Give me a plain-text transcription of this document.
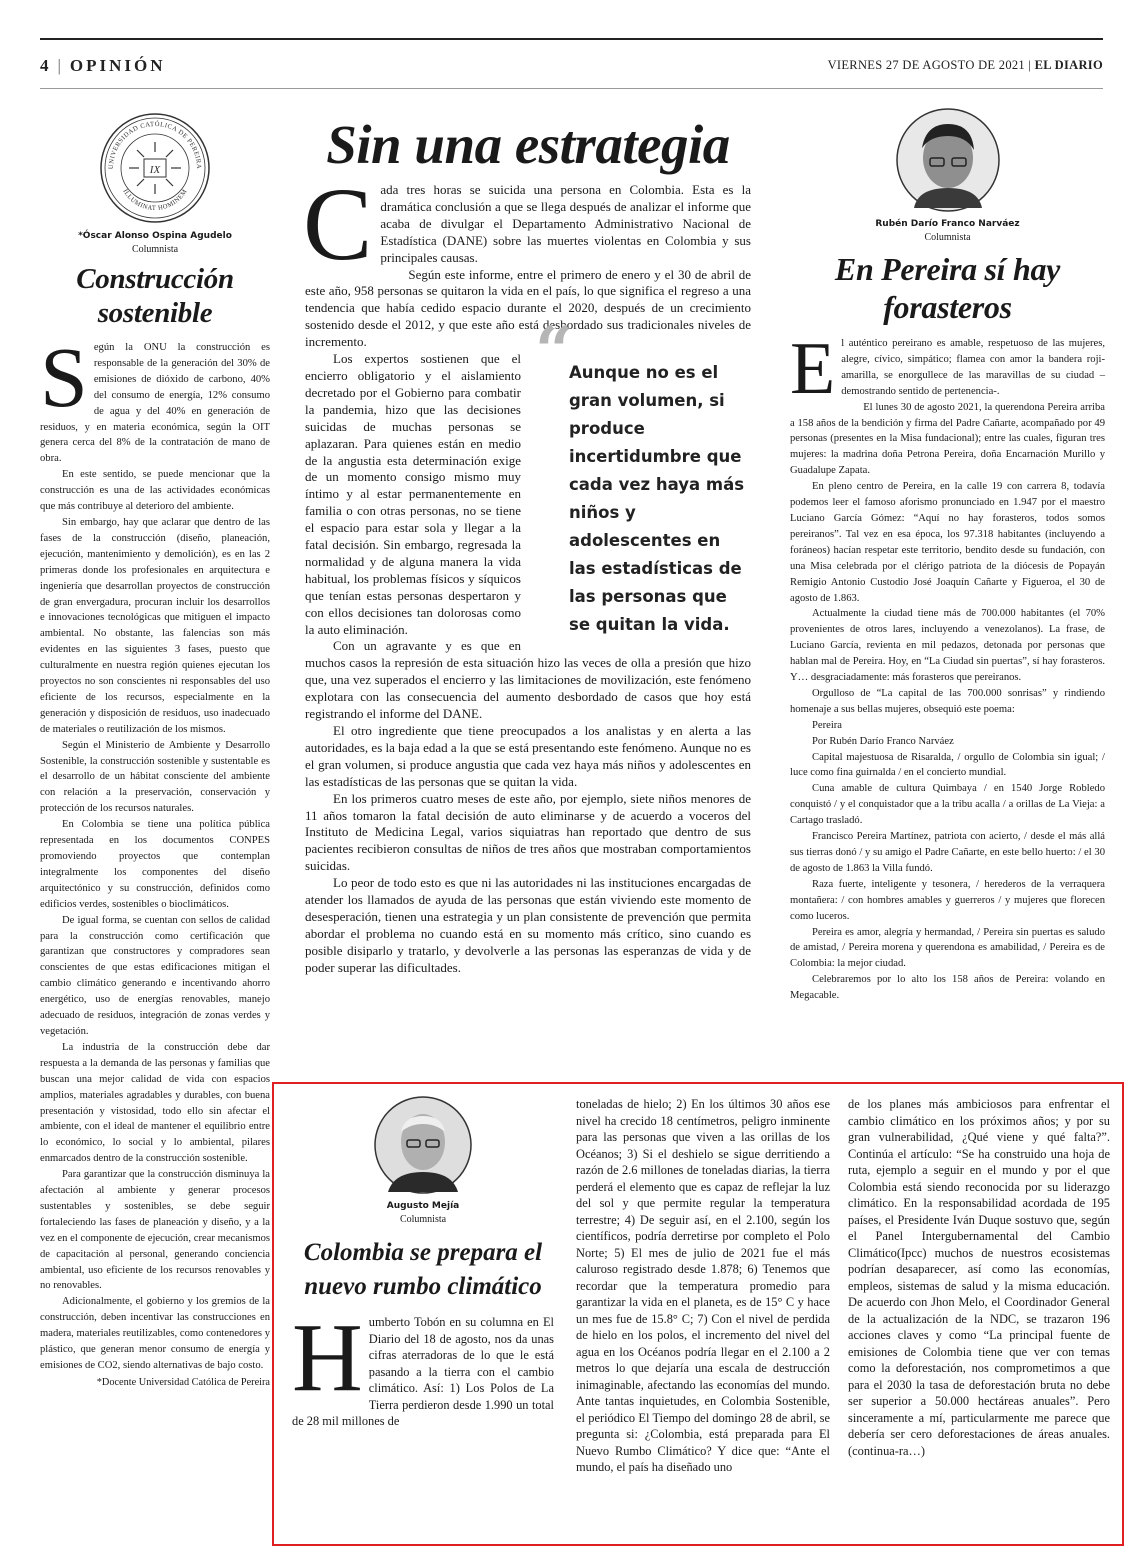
4 | OPINIÓN	VIERNES 27 DE AGOSTO DE 2021 | EL DIARIO
UNIVERSIDAD CATÓLICA DE PEREIRA
ILLUMINAT HOMINEM
ΙΧ
*Óscar Alonso Ospina Agudelo
Columnista
Construcción sostenible

Según la ONU la construcción es responsable de la generación del 30% de emisiones de dióxido de carbono, 40% del consumo de energía, 12% consumo de agua y del 40% en generación de residuos, y en materia económica, según la OIT genera cerca del 8% de la contratación de mano de obra.

En este sentido, se puede mencionar que la construcción es una de las actividades económicas que más contribuye al deterioro del ambiente.

Sin embargo, hay que aclarar que dentro de las fases de la construcción (diseño, planeación, ejecución, mantenimiento y demolición), es en las 2 primeras donde los profesionales en arquitectura e ingeniería que desarrollan proyectos de construcción de gran envergadura, procuran incluir los desarrollos e innovaciones tecnológicas que mitiguen el impacto ambiental. No obstante, las falencias son más evidentes en las siguientes 3 fases, puesto que culturalmente en nuestra región quienes ejecutan los proyectos no son conscientes ni responsables del uso eficiente de los recursos, especialmente en la generación y disposición de residuos, uso inadecuado de materiales o reutilización de los mismos.

Según el Ministerio de Ambiente y Desarrollo Sostenible, la construcción sostenible y sustentable es el desarrollo de un hábitat consciente del ambiente con relación a la preservación, conservación y protección de los recursos naturales.

En Colombia se tiene una política pública representada en los documentos CONPES promoviendo proyectos que contemplan integralmente los componentes del diseño arquitectónico y su construcción, definidos como edificios verdes, sostenibles o bioclimáticos.

De igual forma, se cuentan con sellos de calidad para la construcción como certificación que garantizan que constructores y compradores sean conscientes de que estas edificaciones mitigan el cambio climático generando e incentivando ahorro energético, uso de energías renovables, manejo adecuado de residuos, integración de zonas verdes y vegetación.

La industria de la construcción debe dar respuesta a la demanda de las personas y familias que buscan una mejor calidad de vida con espacios amplios, materiales agradables y durables, con buena presentación y vistosidad, todo ello sin afectar el ambiente, con el ideal de mantener el equilibrio entre lo económico, lo social y lo ambiental, pilares enmarcados dentro de la construcción sostenible.

Para garantizar que la construcción disminuya la afectación al ambiente y generar procesos sustentables y sostenibles, se debe seguir fortaleciendo las fases de planeación y diseño, y a la vez en el componente de ejecución, crear mecanismos de capacitación al personal, generando conciencia ambiental, uso eficiente de los recursos renovables y no renovables.

Adicionalmente, el gobierno y los gremios de la construcción, deben incentivar las construcciones en madera, materiales reutilizables, como contenedores y plástico, que generan menor consumo de energía y emisiones de CO2, siendo alternativas de bajo costo.

*Docente Universidad Católica de Pereira
Sin una estrategia

Cada tres horas se suicida una persona en Colombia. Esta es la dramática conclusión a que se llega después de analizar el informe que acaba de divulgar el Departamento Administrativo Nacional de Estadística (DANE) sobre las muertes violentas en Colombia y sus principales causas.

Según este informe, entre el primero de enero y el 30 de abril de este año, 958 personas se quitaron la vida en el país, lo que significa el regreso a una tendencia que había cedido espacio durante el 2020, después de un crecimiento sostenido desde el 2012, y que este año está desbordado sus tradicionales niveles de incremento.	“
Aunque no es el gran volumen, si produce incertidumbre que cada vez haya más niños y adolescentes en las estadísticas de las personas que se quitan la vida.

Los expertos sostienen que el encierro obligatorio y el aislamiento decretado por el Gobierno para combatir la pandemia, hizo que las decisiones suicidas de muchas personas se aplazaran. Para quienes están en medio de la angustia esta determinación exige de un momento consigo mismo muy íntimo y al estar permanentemente en familia o con otras personas, no se tiene el espacio para estar sola y llegar a la fatal decisión. Sin embargo, regresada la normalidad y de alguna manera la vida habitual, los problemas físicos y síquicos que tenían estas personas despertaron y con ellos decisiones tan dolorosas como la auto eliminación.

Con un agravante y es que en muchos casos la represión de esta situación hizo las veces de olla a presión que hizo que, una vez superados el encierro y las limitaciones de movilización, este fenómeno explotara con las consecuencia del aumento desbordado de casos que hoy está registrando el informe del DANE.

El otro ingrediente que tiene preocupados a los analistas y en alerta a las autoridades, es la baja edad a la que se está presentando este fenómeno. Aunque no es el gran volumen, si produce angustia que cada vez haya más niños y adolescentes en las estadísticas de las personas que se quitan la vida.

En los primeros cuatro meses de este año, por ejemplo, siete niños menores de 11 años tomaron la fatal decisión de auto eliminarse y de acuerdo a voceros del Instituto de Medicina Legal, varios siquiatras han reportado que dentro de sus pacientes recibieron consultas de niños de tres años que mostraban comportamientos suicidas.

Lo peor de todo esto es que ni las autoridades ni las instituciones encargadas de atender los llamados de ayuda de las personas que están viviendo este momento de desesperación, tienen una estrategia y un plan consistente de prevención que permita abordar el problema no cuando está en su momento más crítico, sino cuando es posible disiparlo y tratarlo, y devolverle a las personas las esperanzas de vida y de poder superar las dificultades.

Rubén Darío Franco Narváez
Columnista
En Pereira sí hay forasteros

El auténtico pereirano es amable, respetuoso de las mujeres, alegre, cívico, simpático; flamea con amor la bandera roji-amarilla, se enorgullece de las maravillas de su ciudad –demostrando sentido de pertenencia-.

El lunes 30 de agosto 2021, la querendona Pereira arriba a 158 años de la bendición y firma del Padre Cañarte, acompañado por 49 personas (presentes en la Misa fundacional); entre las cuales, figuran tres mujeres: la madrina doña Petrona Pereira, doña Encarnación Murillo y Guadalupe Zapata.

En pleno centro de Pereira, en la calle 19 con carrera 8, todavía podemos leer el famoso aforismo pronunciado en 1.947 por el maestro Luciano García Gómez: “Aquí no hay forasteros, todos somos pereiranos”. Tal vez en esa época, los 97.318 habitantes (incluyendo a foráneos) hacían respetar este territorio, bendito desde su fundación, con una Misa celebrada por el clérigo patriota de la diócesis de Popayán Remigio Antonio Custodio José Joaquín Cañarte y Figueroa, el 30 de agosto de 1.863.

Actualmente la ciudad tiene más de 700.000 habitantes (el 70% provenientes de otros lares, incluyendo a venezolanos). La frase, de Luciano García, revienta en mil pedazos, detonada por personas que hablan mal de Pereira. Hoy, en “La Ciudad sin puertas”, sí hay forasteros. Y… desgraciadamente: más forasteros que pereiranos.

Orgulloso de “La capital de las 700.000 sonrisas” y rindiendo homenaje a sus bellas mujeres, obsequió este poema:

Pereira

Por Rubén Darío Franco Narváez

Capital majestuosa de Risaralda, / orgullo de Colombia sin igual; / luce como fina guirnalda / en el concierto mundial.

Cuna amable de cultura Quimbaya / en 1540 Jorge Robledo conquistó / y el conquistador que a la tribu acalla / a orillas de La Vieja: a Cartago trasladó.

Francisco Pereira Martínez, patriota con acierto, / desde el más allá sus tierras donó / y su amigo el Padre Cañarte, en este bello huerto: / el 30 de agosto de 1.863 la Villa fundó.

Raza fuerte, inteligente y tesonera, / herederos de la verraquera montañera: / con hombres amables y guerreros / y mujeres que florecen como luceros.

Pereira es amor, alegría y hermandad, / Pereira sin puertas es saludo de amistad, / Pereira morena y querendona es amabilidad, / Pereira es de Colombia: la mejor ciudad.

Celebraremos por lo alto los 158 años de Pereira: volando en Megacable.

Augusto Mejía
Columnista
Colombia se prepara el nuevo rumbo climático

Humberto Tobón en su columna en El Diario del 18 de agosto, nos da unas cifras aterradoras de lo que le está pasando a la tierra con el cambio climático. Así: 1) Los Polos de La Tierra perdieron desde 1.990 un total de 28 mil millones de

toneladas de hielo; 2) En los últimos 30 años ese nivel ha crecido 18 centímetros, peligro inminente para las personas que viven a las orillas de los Océanos; 3) Si el deshielo se sigue derritiendo a razón de 2.6 millones de toneladas diarias, la tierra perderá el elemento que es capaz de reflejar la luz del sol y que permite regular la temperatura terrestre; 4) De seguir así, en el 2.100, según los científicos, podría derretirse por completo el Polo Norte; 5) El mes de julio de 2021 fue el más caluroso registrado desde 1.878; 6) Tenemos que recordar que la temperatura promedio para garantizar la vida en el planeta, es de 15° C y hace un mes fue de 15.8° C; 7) Con el nivel de perdida de hielo en los polos, el incremento del nivel del agua en los Océanos podría llegar en el 2.100 a 2 metros lo que dejaría una escala de destrucción inimaginable, afectando las economías del mundo. Ante tantas inquietudes, en Colombia Sostenible, el periódico El Tiempo del domingo 28 de abril, se pregunta si: ¿Colombia, está preparada para El Nuevo Rumbo Climático? Y dice que: “Ante el mundo, el país ha diseñado uno
de los planes más ambiciosos para enfrentar el cambio climático en los próximos años; y por su gran vulnerabilidad, ¿Qué viene y qué falta?”. Continúa el artículo: “Se ha construido una hoja de ruta, ejemplo a seguir en el mundo y por el que Colombia está siendo reconocida por su liderazgo climático. En la responsabilidad acordada de 195 países, el Presidente Iván Duque sostuvo que, según el Panel Intergubernamental del Cambio Climático(Ipcc) muchos de nuestros ecosistemas podrían desaparecer, así como las economías, empleos, sistemas de salud y la misma educación. De acuerdo con Jhon Melo, el Coordinador General de la actualización de la NDC, se trazaron 196 acciones claves y como “La principal fuente de emisiones de Colombia tiene que ver con temas como la deforestación, nos comprometimos a que para el 2030 la tasa de deforestación bruta no debe ser superior a 50.000 hectáreas anuales”. Pero sinceramente a mí, particularmente me parece que debería ser cero deforestaciones de áreas anuales. (continua-ra…)
